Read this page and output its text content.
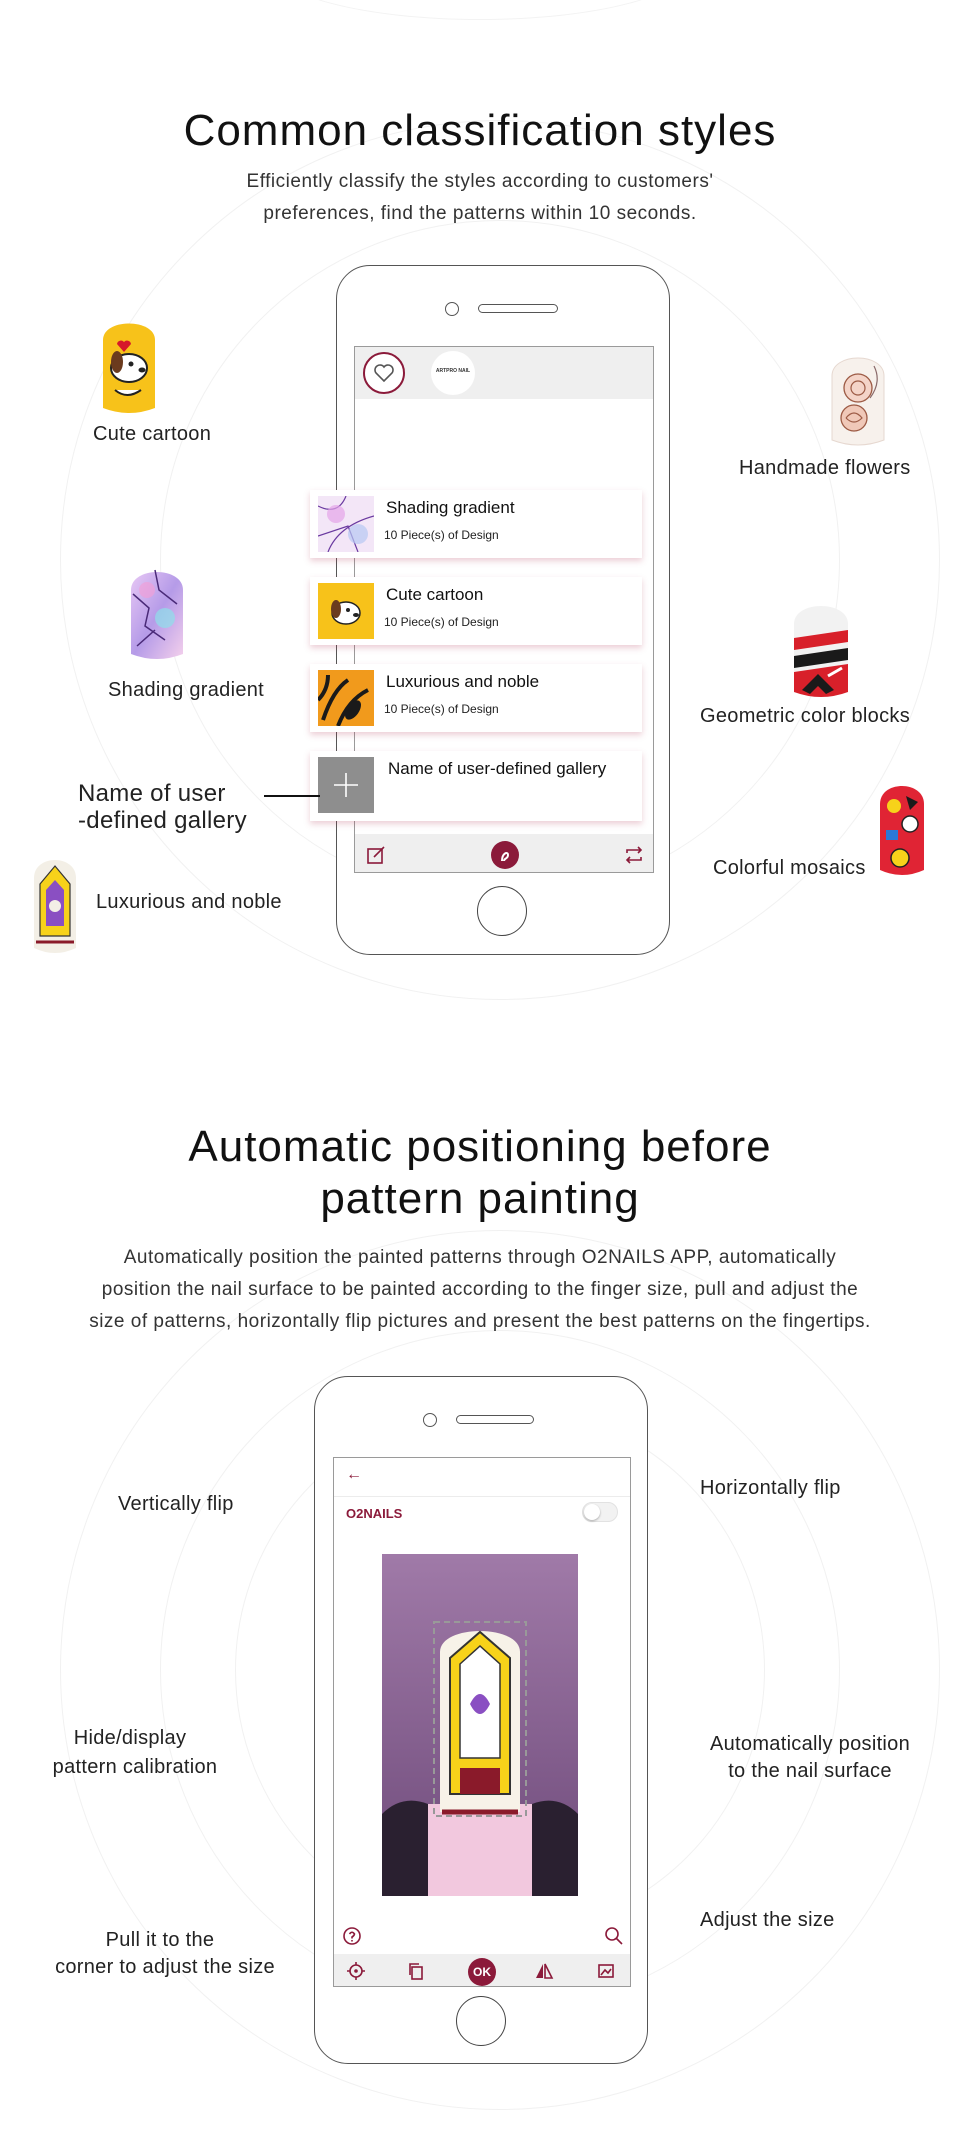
Common classification styles
Efficiently classify the styles according to customers'
preferences, find the patterns within 10 seconds.
ARTPRO NAIL
Shading gradient
10 Piece(s) of Design
Cute cartoon
10 Piece(s) of Design
Luxurious and noble
10 Piece(s) of Design
Name of user-defined gallery
Name of user
-defined gallery
Cute cartoon
Handmade flowers
Shading gradient
Geometric color blocks
Colorful mosaics
Luxurious and noble
Automatic positioning before
pattern painting
Automatically position the painted patterns through O2NAILS APP, automatically
position the nail surface to be painted according to the finger size, pull and adjust the
size of patterns, horizontally flip pictures and present the best patterns on the fingertips.
←
O2NAILS
OK
Vertically flip
Horizontally flip
Hide/display
pattern calibration
Automatically position
to the nail surface
Adjust the size
Pull it to the
corner to adjust the size
